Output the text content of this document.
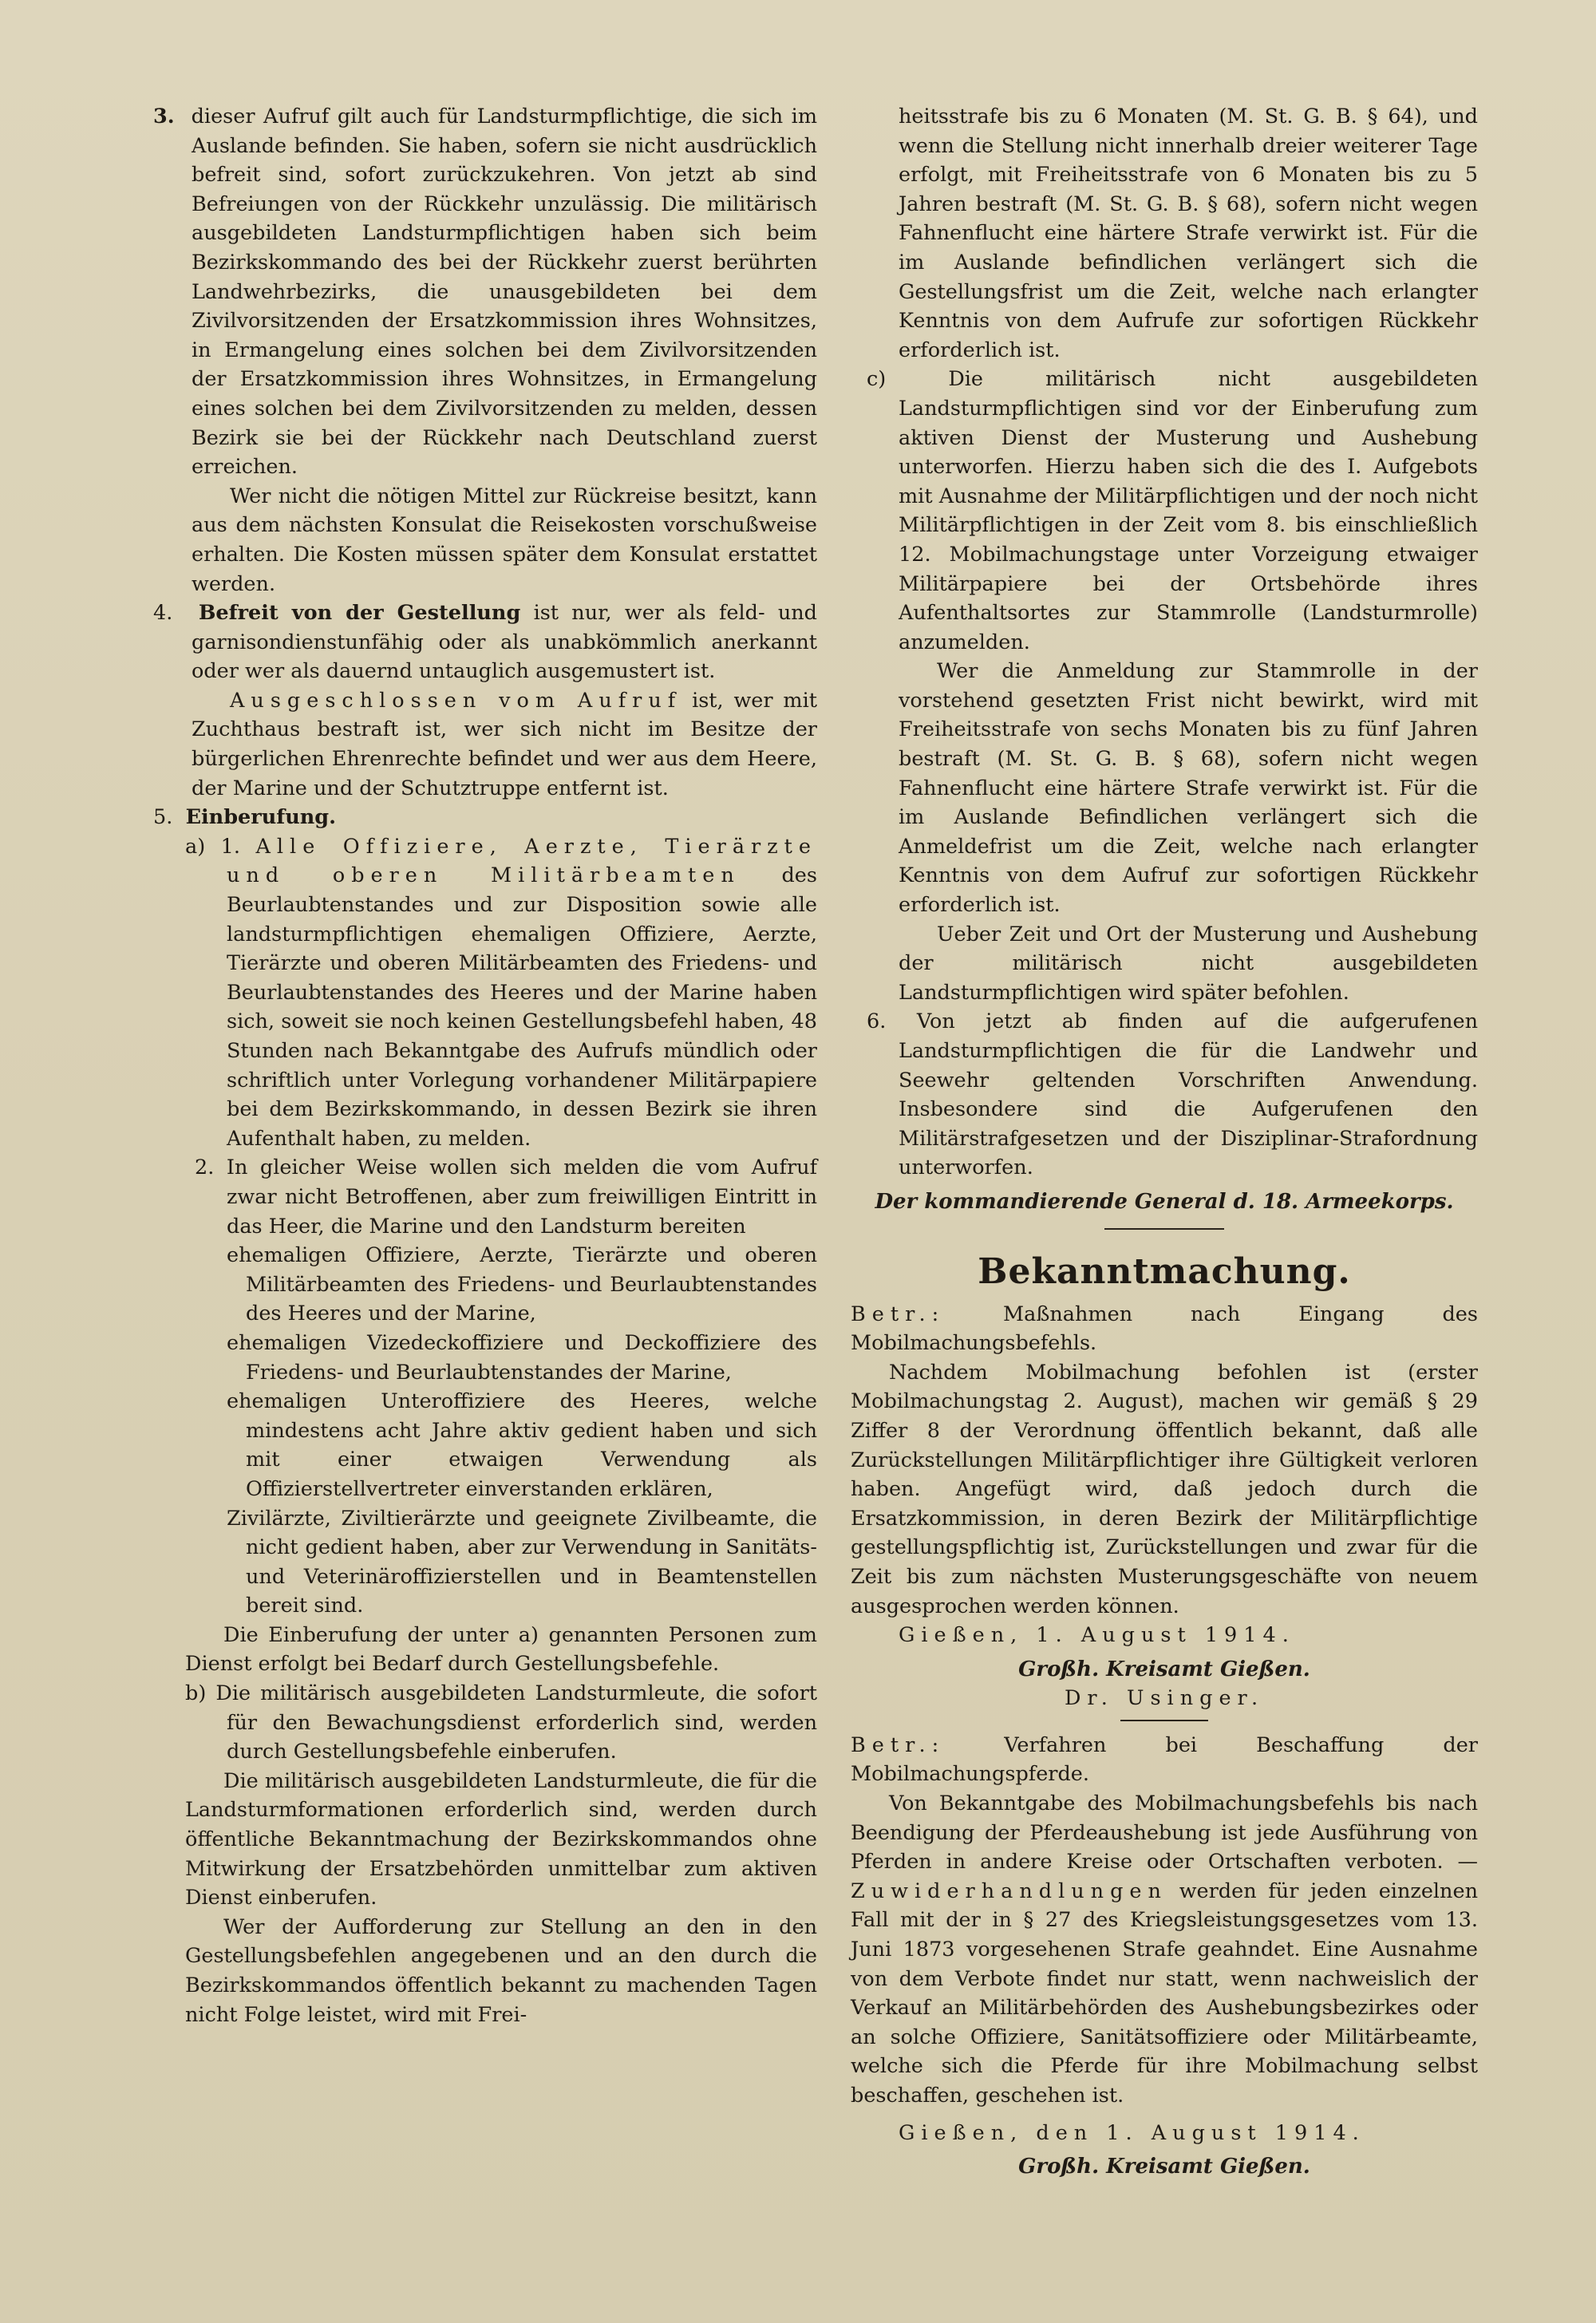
3. dieser Aufruf gilt auch für Landsturmpflichtige, die sich im Auslande befinden. Sie haben, sofern sie nicht ausdrücklich befreit sind, sofort zurückzukehren. Von jetzt ab sind Befreiungen von der Rückkehr unzulässig. Die militärisch ausgebildeten Landsturmpflichtigen haben sich beim Bezirkskommando des bei der Rückkehr zuerst berührten Landwehrbezirks, die unausgebildeten bei dem Zivilvorsitzenden der Ersatzkommission ihres Wohnsitzes, in Ermangelung eines solchen bei dem Zivilvorsitzenden der Ersatzkommission ihres Wohnsitzes, in Ermangelung eines solchen bei dem Zivilvorsitzenden zu melden, dessen Bezirk sie bei der Rückkehr nach Deutschland zuerst erreichen.

Wer nicht die nötigen Mittel zur Rückreise besitzt, kann aus dem nächsten Konsulat die Reisekosten vorschußweise erhalten. Die Kosten müssen später dem Konsulat erstattet werden.

4. Befreit von der Gestellung ist nur, wer als feld- und garnisondienstunfähig oder als unabkömmlich anerkannt oder wer als dauernd untauglich ausgemustert ist.

Ausgeschlossen vom Aufruf ist, wer mit Zuchthaus bestraft ist, wer sich nicht im Besitze der bürgerlichen Ehrenrechte befindet und wer aus dem Heere, der Marine und der Schutztruppe entfernt ist.

5. Einberufung.

a) 1. Alle Offiziere, Aerzte, Tierärzte und oberen Militärbeamten des Beurlaubtenstandes und zur Disposition sowie alle landsturmpflichtigen ehemaligen Offiziere, Aerzte, Tierärzte und oberen Militärbeamten des Friedens- und Beurlaubtenstandes des Heeres und der Marine haben sich, soweit sie noch keinen Gestellungsbefehl haben, 48 Stunden nach Bekanntgabe des Aufrufs mündlich oder schriftlich unter Vorlegung vorhandener Militärpapiere bei dem Bezirkskommando, in dessen Bezirk sie ihren Aufenthalt haben, zu melden.

2. In gleicher Weise wollen sich melden die vom Aufruf zwar nicht Betroffenen, aber zum freiwilligen Eintritt in das Heer, die Marine und den Landsturm bereiten

ehemaligen Offiziere, Aerzte, Tierärzte und oberen Militärbeamten des Friedens- und Beurlaubtenstandes des Heeres und der Marine,

ehemaligen Vizedeckoffiziere und Deckoffiziere des Friedens- und Beurlaubtenstandes der Marine,

ehemaligen Unteroffiziere des Heeres, welche mindestens acht Jahre aktiv gedient haben und sich mit einer etwaigen Verwendung als Offizierstellvertreter einverstanden erklären,

Zivilärzte, Ziviltierärzte und geeignete Zivilbeamte, die nicht gedient haben, aber zur Verwendung in Sanitäts- und Veterinäroffizierstellen und in Beamtenstellen bereit sind.

Die Einberufung der unter a) genannten Personen zum Dienst erfolgt bei Bedarf durch Gestellungsbefehle.

b) Die militärisch ausgebildeten Landsturmleute, die sofort für den Bewachungsdienst erforderlich sind, werden durch Gestellungsbefehle einberufen.

Die militärisch ausgebildeten Landsturmleute, die für die Landsturmformationen erforderlich sind, werden durch öffentliche Bekanntmachung der Bezirkskommandos ohne Mitwirkung der Ersatzbehörden unmittelbar zum aktiven Dienst einberufen.

Wer der Aufforderung zur Stellung an den in den Gestellungsbefehlen angegebenen und an den durch die Bezirkskommandos öffentlich bekannt zu machenden Tagen nicht Folge leistet, wird mit Frei-

heitsstrafe bis zu 6 Monaten (M. St. G. B. § 64), und wenn die Stellung nicht innerhalb dreier weiterer Tage erfolgt, mit Freiheitsstrafe von 6 Monaten bis zu 5 Jahren bestraft (M. St. G. B. § 68), sofern nicht wegen Fahnenflucht eine härtere Strafe verwirkt ist. Für die im Auslande befindlichen verlängert sich die Gestellungsfrist um die Zeit, welche nach erlangter Kenntnis von dem Aufrufe zur sofortigen Rückkehr erforderlich ist.

c)	Die militärisch nicht ausgebildeten Landsturmpflichtigen sind vor der Einberufung zum aktiven Dienst der Musterung und Aushebung unterworfen. Hierzu haben sich die des I. Aufgebots mit Ausnahme der Militärpflichtigen und der noch nicht Militärpflichtigen in der Zeit vom 8. bis einschließlich 12. Mobilmachungstage unter Vorzeigung etwaiger Militärpapiere bei der Ortsbehörde ihres Aufenthaltsortes zur Stammrolle (Landsturmrolle) anzumelden.

Wer die Anmeldung zur Stammrolle in der vorstehend gesetzten Frist nicht bewirkt, wird mit Freiheitsstrafe von sechs Monaten bis zu fünf Jahren bestraft (M. St. G. B. § 68), sofern nicht wegen Fahnenflucht eine härtere Strafe verwirkt ist. Für die im Auslande Befindlichen verlängert sich die Anmeldefrist um die Zeit, welche nach erlangter Kenntnis von dem Aufruf zur sofortigen Rückkehr erforderlich ist.

Ueber Zeit und Ort der Musterung und Aushebung der militärisch nicht ausgebildeten Landsturmpflichtigen wird später befohlen.

6. Von jetzt ab finden auf die aufgerufenen Landsturmpflichtigen die für die Landwehr und Seewehr geltenden Vorschriften Anwendung. Insbesondere sind die Aufgerufenen den Militärstrafgesetzen und der Disziplinar-Strafordnung unterworfen.

Der kommandierende General d. 18. Armeekorps.

Bekanntmachung.

Betr.:	Maßnahmen nach Eingang des Mobilmachungsbefehls.

Nachdem Mobilmachung befohlen ist (erster Mobilmachungstag 2. August), machen wir gemäß § 29 Ziffer 8 der Verordnung öffentlich bekannt, daß alle Zurückstellungen Militärpflichtiger ihre Gültigkeit verloren haben. Angefügt wird, daß jedoch durch die Ersatzkommission, in deren Bezirk der Militärpflichtige gestellungspflichtig ist, Zurückstellungen und zwar für die Zeit bis zum nächsten Musterungsgeschäfte von neuem ausgesprochen werden können.

Gießen, 1. August 1914.

Großh. Kreisamt Gießen.

Dr. Usinger.

Betr.:	Verfahren bei Beschaffung der Mobilmachungspferde.

Von Bekanntgabe des Mobilmachungsbefehls bis nach Beendigung der Pferdeaushebung ist jede Ausführung von Pferden in andere Kreise oder Ortschaften verboten. — Zuwiderhandlungen werden für jeden einzelnen Fall mit der in § 27 des Kriegsleistungsgesetzes vom 13. Juni 1873 vorgesehenen Strafe geahndet. Eine Ausnahme von dem Verbote findet nur statt, wenn nachweislich der Verkauf an Militärbehörden des Aushebungsbezirkes oder an solche Offiziere, Sanitätsoffiziere oder Militärbeamte, welche sich die Pferde für ihre Mobilmachung selbst beschaffen, geschehen ist.

Gießen, den 1. August 1914.

Großh. Kreisamt Gießen.
